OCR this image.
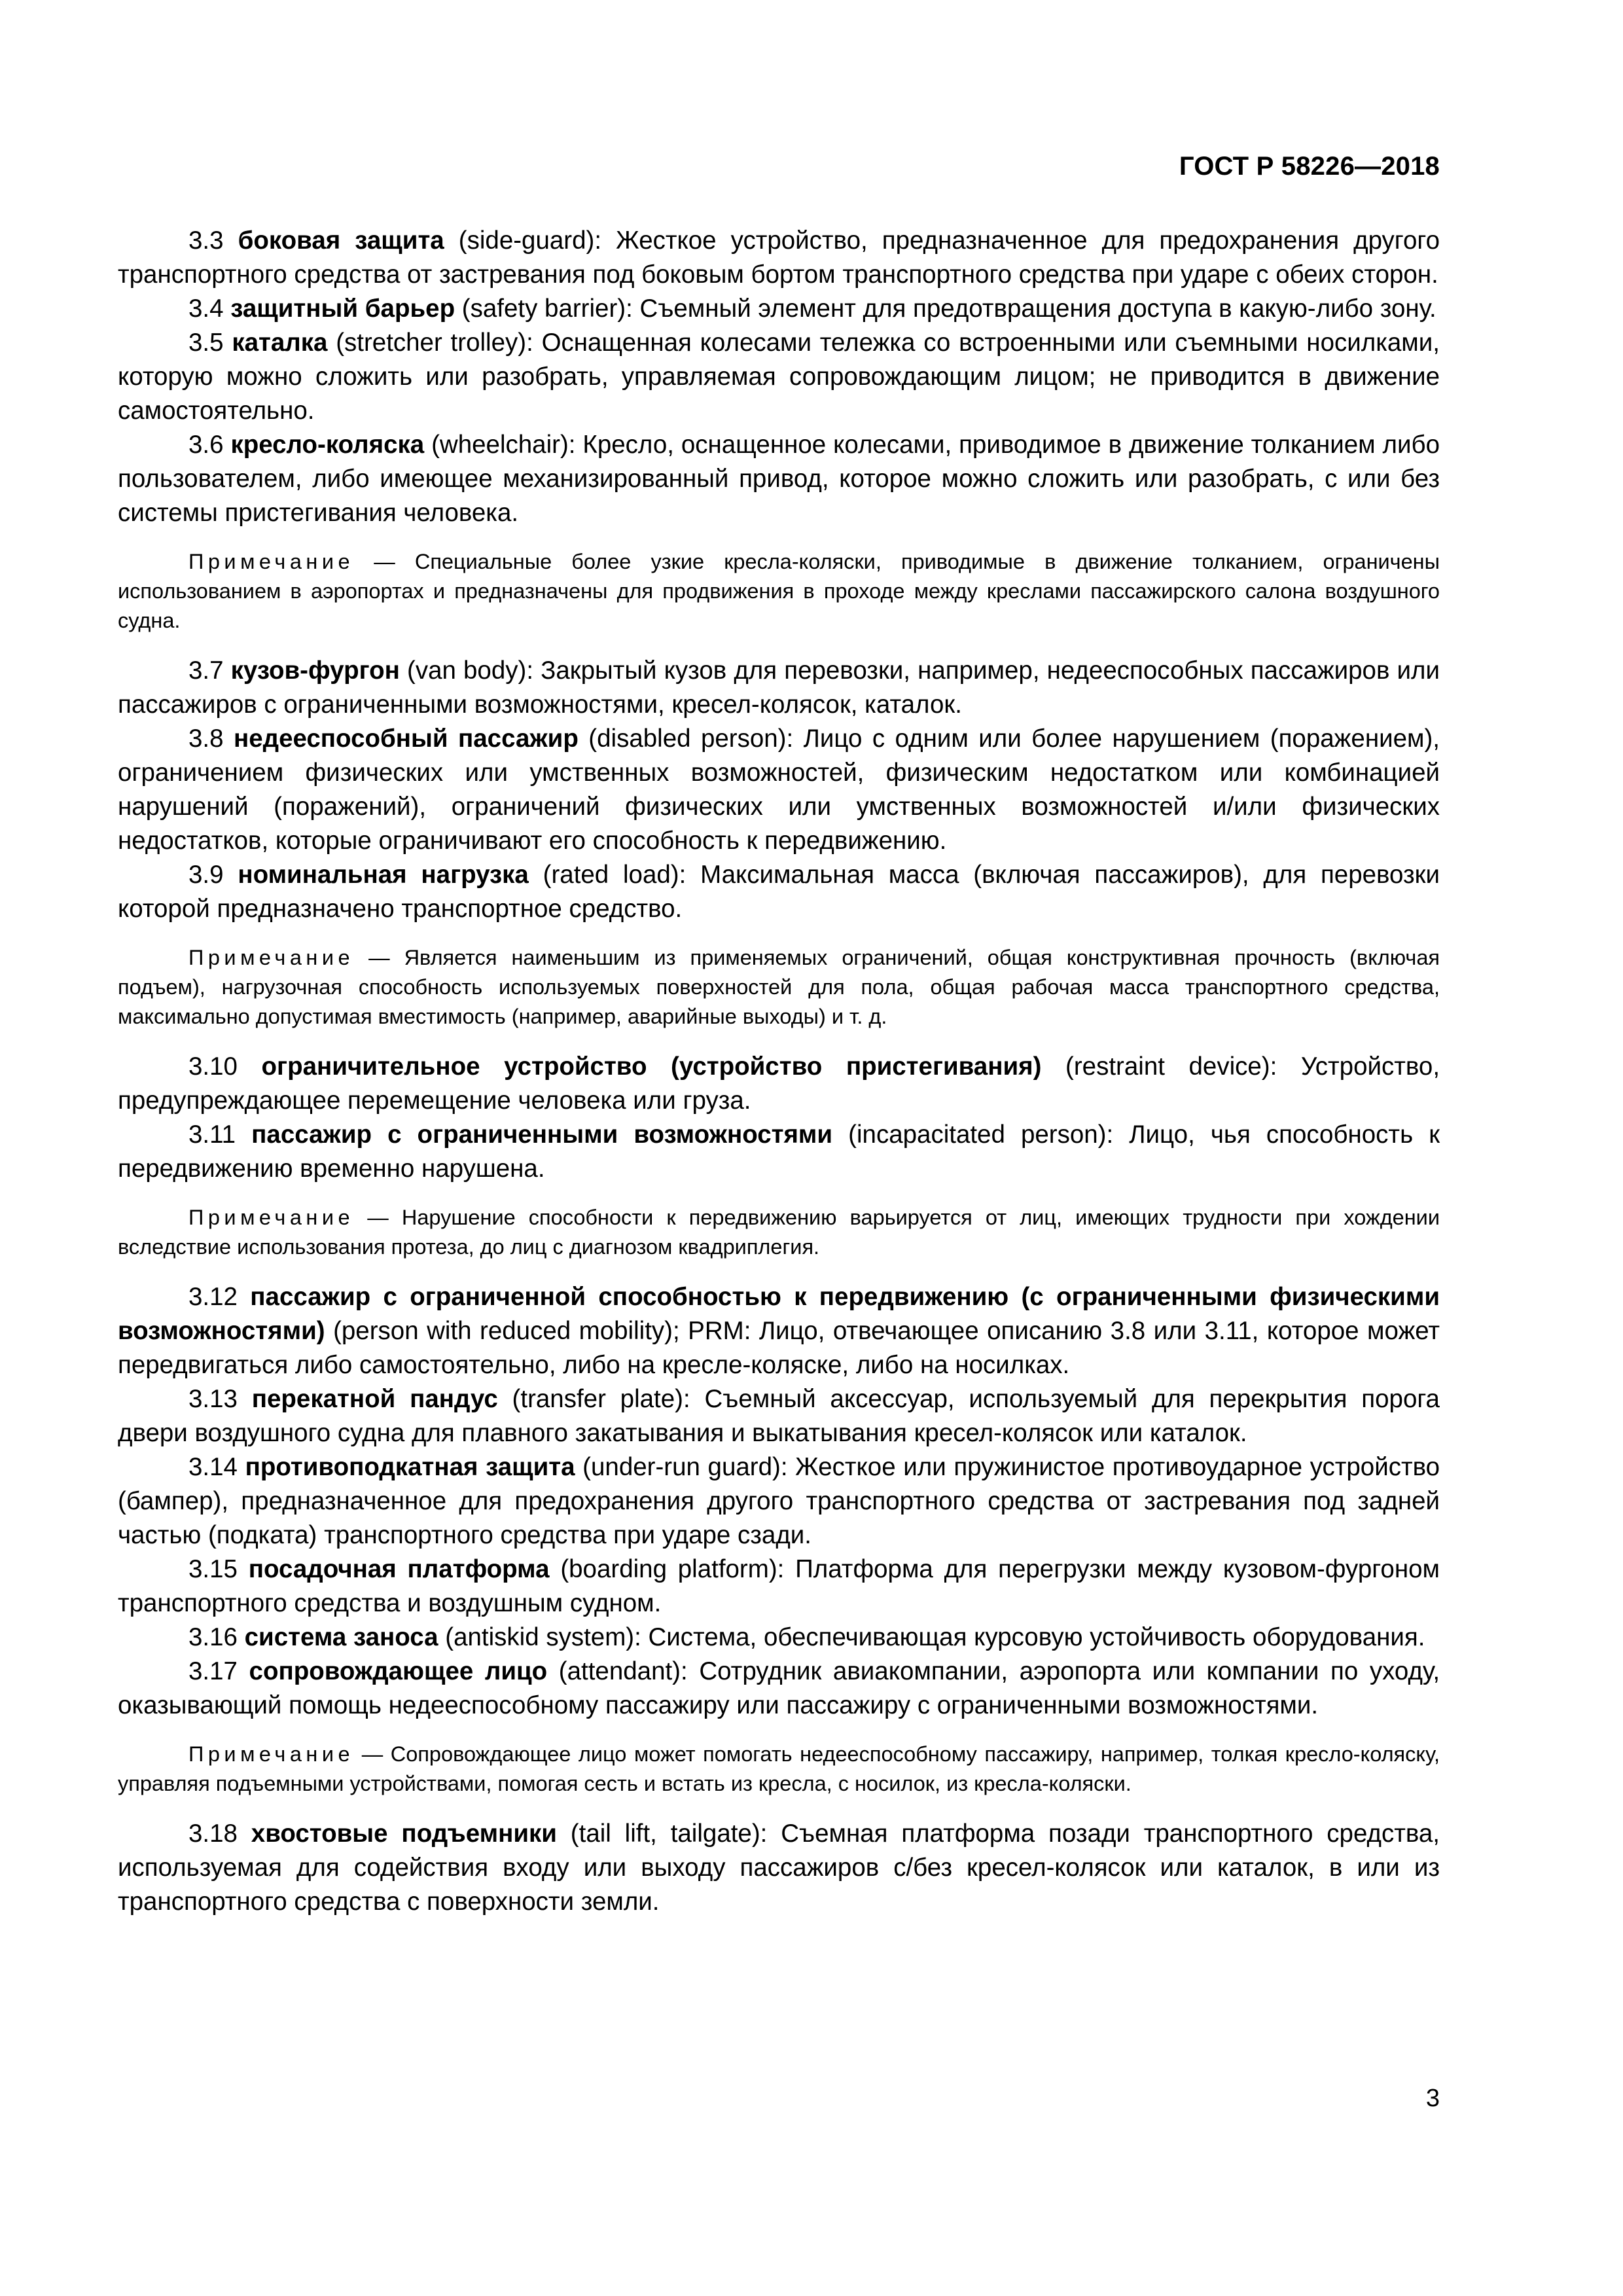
ГОСТ Р 58226—2018

3.3 боковая защита (side-guard): Жесткое устройство, предназначенное для предохранения другого транспортного средства от застревания под боковым бортом транспортного средства при ударе с обеих сторон.

3.4 защитный барьер (safety barrier): Съемный элемент для предотвращения доступа в какую-либо зону.

3.5 каталка (stretcher trolley): Оснащенная колесами тележка со встроенными или съемными носилками, которую можно сложить или разобрать, управляемая сопровождающим лицом; не приводится в движение самостоятельно.

3.6 кресло-коляска (wheelchair): Кресло, оснащенное колесами, приводимое в движение толканием либо пользователем, либо имеющее механизированный привод, которое можно сложить или разобрать, с или без системы пристегивания человека.

Примечание — Специальные более узкие кресла-коляски, приводимые в движение толканием, ограничены использованием в аэропортах и предназначены для продвижения в проходе между креслами пассажирского салона воздушного судна.

3.7 кузов-фургон (van body): Закрытый кузов для перевозки, например, недееспособных пассажиров или пассажиров с ограниченными возможностями, кресел-колясок, каталок.

3.8 недееспособный пассажир (disabled person): Лицо с одним или более нарушением (поражением), ограничением физических или умственных возможностей, физическим недостатком или комбинацией нарушений (поражений), ограничений физических или умственных возможностей и/или физических недостатков, которые ограничивают его способность к передвижению.

3.9 номинальная нагрузка (rated load): Максимальная масса (включая пассажиров), для перевозки которой предназначено транспортное средство.

Примечание — Является наименьшим из применяемых ограничений, общая конструктивная прочность (включая подъем), нагрузочная способность используемых поверхностей для пола, общая рабочая масса транспортного средства, максимально допустимая вместимость (например, аварийные выходы) и т. д.

3.10 ограничительное устройство (устройство пристегивания) (restraint device): Устройство, предупреждающее перемещение человека или груза.

3.11 пассажир с ограниченными возможностями (incapacitated person): Лицо, чья способность к передвижению временно нарушена.

Примечание — Нарушение способности к передвижению варьируется от лиц, имеющих трудности при хождении вследствие использования протеза, до лиц с диагнозом квадриплегия.

3.12 пассажир с ограниченной способностью к передвижению (с ограниченными физическими возможностями) (person with reduced mobility); PRM: Лицо, отвечающее описанию 3.8 или 3.11, которое может передвигаться либо самостоятельно, либо на кресле-коляске, либо на носилках.

3.13 перекатной пандус (transfer plate): Съемный аксессуар, используемый для перекрытия порога двери воздушного судна для плавного закатывания и выкатывания кресел-колясок или каталок.

3.14 противоподкатная защита (under-run guard): Жесткое или пружинистое противоударное устройство (бампер), предназначенное для предохранения другого транспортного средства от застревания под задней частью (подката) транспортного средства при ударе сзади.

3.15 посадочная платформа (boarding platform): Платформа для перегрузки между кузовом-фургоном транспортного средства и воздушным судном.

3.16 система заноса (antiskid system): Система, обеспечивающая курсовую устойчивость оборудования.

3.17 сопровождающее лицо (attendant): Сотрудник авиакомпании, аэропорта или компании по уходу, оказывающий помощь недееспособному пассажиру или пассажиру с ограниченными возможностями.

Примечание — Сопровождающее лицо может помогать недееспособному пассажиру, например, толкая кресло-коляску, управляя подъемными устройствами, помогая сесть и встать из кресла, с носилок, из кресла-коляски.

3.18 хвостовые подъемники (tail lift, tailgate): Съемная платформа позади транспортного средства, используемая для содействия входу или выходу пассажиров с/без кресел-колясок или каталок, в или из транспортного средства с поверхности земли.

3
